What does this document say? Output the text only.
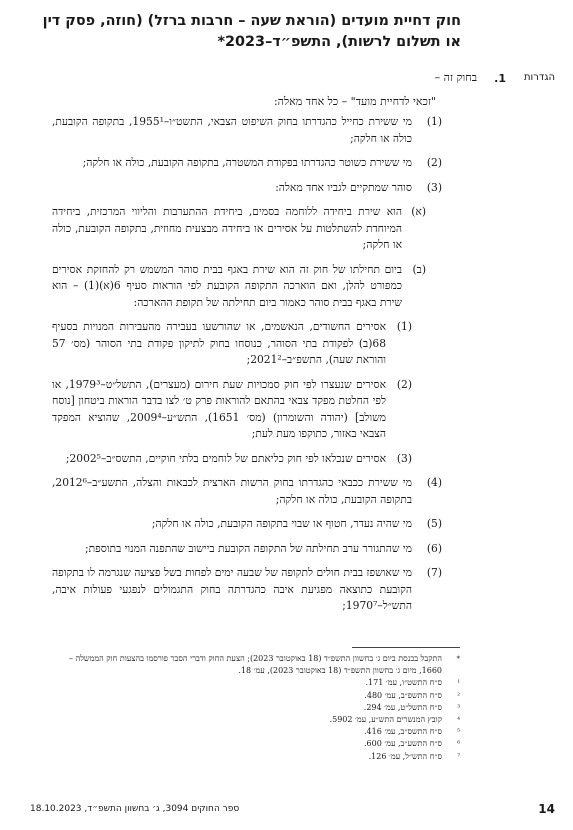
חוק דחיית מועדים (הוראת שעה – חרבות ברזל) (חוזה, פסק דין או תשלום לרשות), התשפ״ד–2023*
הגדרות
1.
בחוק זה –
"זכאי לדחיית מועד" – כל אחד מאלה:
(1)
מי ששירת כחייל כהגדרתו בחוק השיפוט הצבאי, התשט״ו–1955¹, בתקופה הקובעת, כולה או חלקה;
(2)
מי ששירת כשוטר כהגדרתו בפקודת המשטרה, בתקופה הקובעת, כולה או חלקה;
(3)
סוהר שמתקיים לגביו אחד מאלה:
(א)
הוא שירת ביחידה ללוחמה בסמים, ביחידת ההתערבות והליווי המרכזית, ביחידה המיוחדת להשתלטות על אסירים או ביחידה מבצעית מחוזית, בתקופה הקובעת, כולה או חלקה;
(ב)
ביום תחילתו של חוק זה הוא שירת באגף בבית סוהר המשמש רק להחזקת אסירים כמפורט להלן, ואם הוארכה התקופה הקובעת לפי הוראות סעיף 6(א)(1) – הוא שירת באגף בבית סוהר כאמור ביום תחילתה של תקופת ההארכה:
(1)
אסירים החשודים, הנאשמים, או שהורשעו בעבירה מהעבירות המנויות בסעיף 68(ב) לפקודת בתי הסוהר, כנוסחו בחוק לתיקון פקודת בתי הסוהר (מס׳ 57 והוראת שעה), התשפ״ב–2021²;
(2)
אסירים שנעצרו לפי חוק סמכויות שעת חירום (מעצרים), התשל״ט–1979³, או לפי החלטת מפקד צבאי בהתאם להוראות פרק ט׳ לצו בדבר הוראות ביטחון [נוסח משולב] (יהודה והשומרון) (מס׳ 1651), התש״ע–2009⁴, שהוציא המפקד הצבאי באזור, כתוקפו מעת לעת;
(3)
אסירים שנכלאו לפי חוק כליאתם של לוחמים בלתי חוקיים, התשס״ב–2002⁵;
(4)
מי ששירת ככבאי כהגדרתו בחוק הרשות הארצית לכבאות והצלה, התשע״ב–2012⁶, בתקופה הקובעת, כולה או חלקה;
(5)
מי שהיה נעדר, חטוף או שבוי בתקופה הקובעת, כולה או חלקה;
(6)
מי שהתגורר ערב תחילתה של התקופה הקובעת ביישוב שהתפנה המנוי בתוספת;
(7)
מי שאושפז בבית חולים לתקופה של שבעה ימים לפחות בשל פציעה שנגרמה לו בתקופה הקובעת כתוצאה מפגיעת איבה כהגדרתה בחוק התגמולים לנפגעי פעולות איבה, התש״ל–1970⁷;
*
התקבל בכנסת ביום ג׳ בחשוון התשפ״ד (18 באוקטובר 2023); הצעת החוק ודברי הסבר פורסמו בהצעות חוק הממשלה – 1660, מיום ג׳ בחשוון התשפ״ד (18 באוקטובר 2023), עמ׳ 18.
¹
ס״ח התשט״ו, עמ׳ 171.
²
ס״ח התשפ״ב, עמ׳ 480.
³
ס״ח התשל״ט, עמ׳ 294.
⁴
קובץ המנשרים התש״ע, עמ׳ 5902.
⁵
ס״ח התשס״ב, עמ׳ 416.
⁶
ס״ח התשע״ב, עמ׳ 600.
⁷
ס״ח התש״ל, עמ׳ 126.
14
ספר החוקים 3094, ג׳ בחשוון התשפ״ד, 18.10.2023
